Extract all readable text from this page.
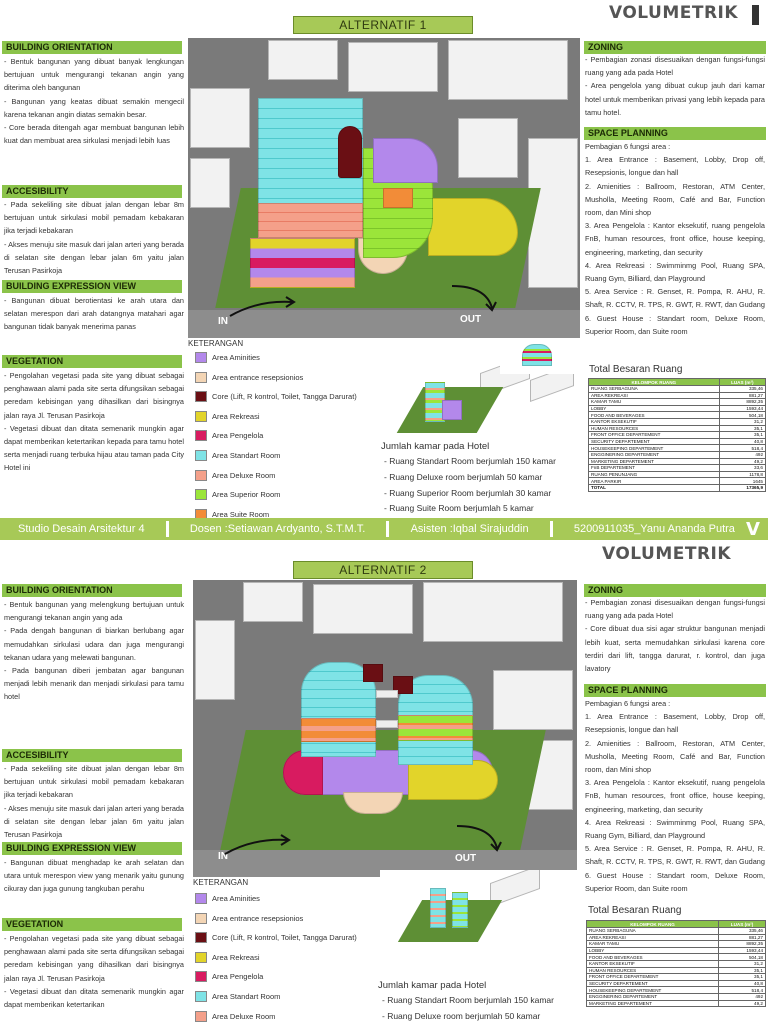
ALTERNATIF 1
VOLUMETRIK
BUILDING ORIENTATION

- Bentuk bangunan yang dibuat banyak lengkungan bertujuan untuk mengurangi tekanan angin yang diterima oleh bangunan

- Bangunan yang keatas dibuat semakin mengecil karena tekanan angin diatas semakin besar.

- Core berada ditengah agar membuat bangunan lebih kuat dan membuat area sirkulasi menjadi lebih luas

ACCESIBILITY

- Pada sekeliling site dibuat jalan dengan lebar 8m bertujuan untuk sirkulasi mobil pemadam kebakaran jika terjadi kebakaran

- Akses menuju site masuk dari jalan arteri yang berada di selatan site dengan lebar jalan 6m yaitu jalan Terusan Pasirkoja

BUILDING EXPRESSION VIEW

- Bangunan dibuat berotientasi ke arah utara dan selatan merespon dari arah datangnya matahari agar bangunan tidak banyak menerima panas

VEGETATION

- Pengolahan vegetasi pada site yang dibuat sebagai penghawaan alami pada site serta difungsikan sebagai peredam kebisingan yang dihasilkan dari bisingnya jalan raya Jl. Terusan Pasirkoja

- Vegetasi dibuat dan ditata semenarik mungkin agar dapat memberikan ketertarikan kepada para tamu hotel serta menjadi ruang terbuka hijau atau taman pada City Hotel ini

IN	OUT
ZONING

- Pembagian zonasi disesuaikan dengan fungsi-fungsi ruang yang ada pada Hotel

- Area pengelola yang dibuat cukup jauh dari kamar hotel untuk memberikan privasi yang lebih kepada para tamu hotel.

SPACE PLANNING

Pembagian 6 fungsi area :

1. Area Entrance : Basement, Lobby, Drop off, Resepsionis, longue dan hall

2. Amienities : Ballroom, Restoran, ATM Center, Musholla, Meeting Room, Café and Bar, Function room, dan Mini shop

3. Area Pengelola : Kantor eksekutif, ruang pengelola FnB, human resources, front office, house keeping, engineering, marketing, dan security

4. Area Rekreasi : Swimminmg Pool, Ruang SPA, Ruang Gym, Billiard, dan Playground

5. Area Service : R. Genset, R. Pompa, R. AHU, R. Shaft, R. CCTV, R. TPS, R. GWT, R. RWT, dan Gudang

6. Guest House : Standart room, Deluxe Room, Superior Room, dan Suite room

KETERANGAN
Area Aminities
Area entrance resepsionios
Core (Lift, R kontrol, Toilet, Tangga Darurat)
Area Rekreasi
Area Pengelola
Area Standart Room
Area Deluxe Room
Area Superior Room
Area Suite Room
Jumlah kamar pada Hotel
- Ruang Standart Room berjumlah 150 kamar
- Ruang Deluxe room berjumlah 50 kamar
- Ruang Superior Room berjumlah 30 kamar
- Ruang Suite Room berjumlah 5 kamar
Total Besaran Ruang
KELOMPOK RUANG	LUAS (m²)
RUANG SERBAGUNA	335,46
AREA REKREASI	881,27
KAMAR TAMU	8892,35
LOBBY	1593,44
FOOD AND BEVERAGES	504,18
KANTOR EKSEKUTIF	31,2
HUMAN RESOURCES	35,1
FRONT OFFICE DEPARTEMENT	35,1
SECURITY DEPARTEMENT	40,8
HOUSEKEEPING DEPARTEMENT	518,4
ENGGINERING DEPARTEMENT	492
MARKETING DEPARTEMENT	49,2
FnB DEPARTEMENT	33,6
RUANG PENUNJANG	1178,8
AREA PARKIR	1645
TOTAL	17365,9
Studio Desain Arsitektur 4	Dosen :Setiawan Ardyanto, S.T.M.T.	Asisten :Iqbal Sirajuddin	5200911035_Yanu Ananda Putra V
ALTERNATIF 2
VOLUMETRIK
BUILDING ORIENTATION

- Bentuk bangunan yang melengkung bertujuan untuk mengurangi tekanan angin yang ada

- Pada dengah bangunan di biarkan berlubang agar memudahkan sirkulasi udara dan juga mengurangi tekanan udara yang melewati bangunan.

- Pada bangunan diberi jembatan agar bangunan menjadi lebih menarik dan menjadi sirkulasi para tamu hotel

ACCESIBILITY

- Pada sekeliling site dibuat jalan dengan lebar 8m bertujuan untuk sirkulasi mobil pemadam kebakaran jika terjadi kebakaran

- Akses menuju site masuk dari jalan arteri yang berada di selatan site dengan lebar jalan 6m yaitu jalan Terusan Pasirkoja

BUILDING EXPRESSION VIEW

- Bangunan dibuat menghadap ke arah selatan dan utara untuk merespon view yang menarik yaitu gunung cikuray dan juga gunung tangkuban perahu

VEGETATION

- Pengolahan vegetasi pada site yang dibuat sebagai penghawaan alami pada site serta difungsikan sebagai peredam kebisingan yang dihasilkan dari bisingnya jalan raya Jl. Terusan Pasirkoja

- Vegetasi dibuat dan ditata semenarik mungkin agar dapat memberikan ketertarikan

IN	OUT
ZONING

- Pembagian zonasi disesuaikan dengan fungsi-fungsi ruang yang ada pada Hotel

- Core dibuat dua sisi agar struktur bangunan menjadi lebih kuat, serta memudahkan sirkulasi karena core terdiri dari lift, tangga darurat, r. kontrol, dan juga lavatory

SPACE PLANNING

Pembagian 6 fungsi area :

1. Area Entrance : Basement, Lobby, Drop off, Resepsionis, longue dan hall

2. Amienities : Ballroom, Restoran, ATM Center, Musholla, Meeting Room, Café and Bar, Function room, dan Mini shop

3. Area Pengelola : Kantor eksekutif, ruang pengelola FnB, human resources, front office, house keeping, engineering, marketing, dan security

4. Area Rekreasi : Swimminmg Pool, Ruang SPA, Ruang Gym, Billiard, dan Playground

5. Area Service : R. Genset, R. Pompa, R. AHU, R. Shaft, R. CCTV, R. TPS, R. GWT, R. RWT, dan Gudang

6. Guest House : Standart room, Deluxe Room, Superior Room, dan Suite room

KETERANGAN
Area Aminities
Area entrance resepsionios
Core (Lift, R kontrol, Toilet, Tangga Darurat)
Area Rekreasi
Area Pengelola
Area Standart Room
Area Deluxe Room
Jumlah kamar pada Hotel
- Ruang Standart Room berjumlah 150 kamar
- Ruang Deluxe room berjumlah 50 kamar
Total Besaran Ruang
KELOMPOK RUANG	LUAS (m²)
RUANG SERBAGUNA	335,46
AREA REKREASI	881,27
KAMAR TAMU	8892,35
LOBBY	1593,44
FOOD AND BEVERAGES	504,18
KANTOR EKSEKUTIF	31,2
HUMAN RESOURCES	35,1
FRONT OFFICE DEPARTEMENT	35,1
SECURITY DEPARTEMENT	40,8
HOUSEKEEPING DEPARTEMENT	518,4
ENGGINERING DEPARTEMENT	492
MARKETING DEPARTEMENT	49,2
